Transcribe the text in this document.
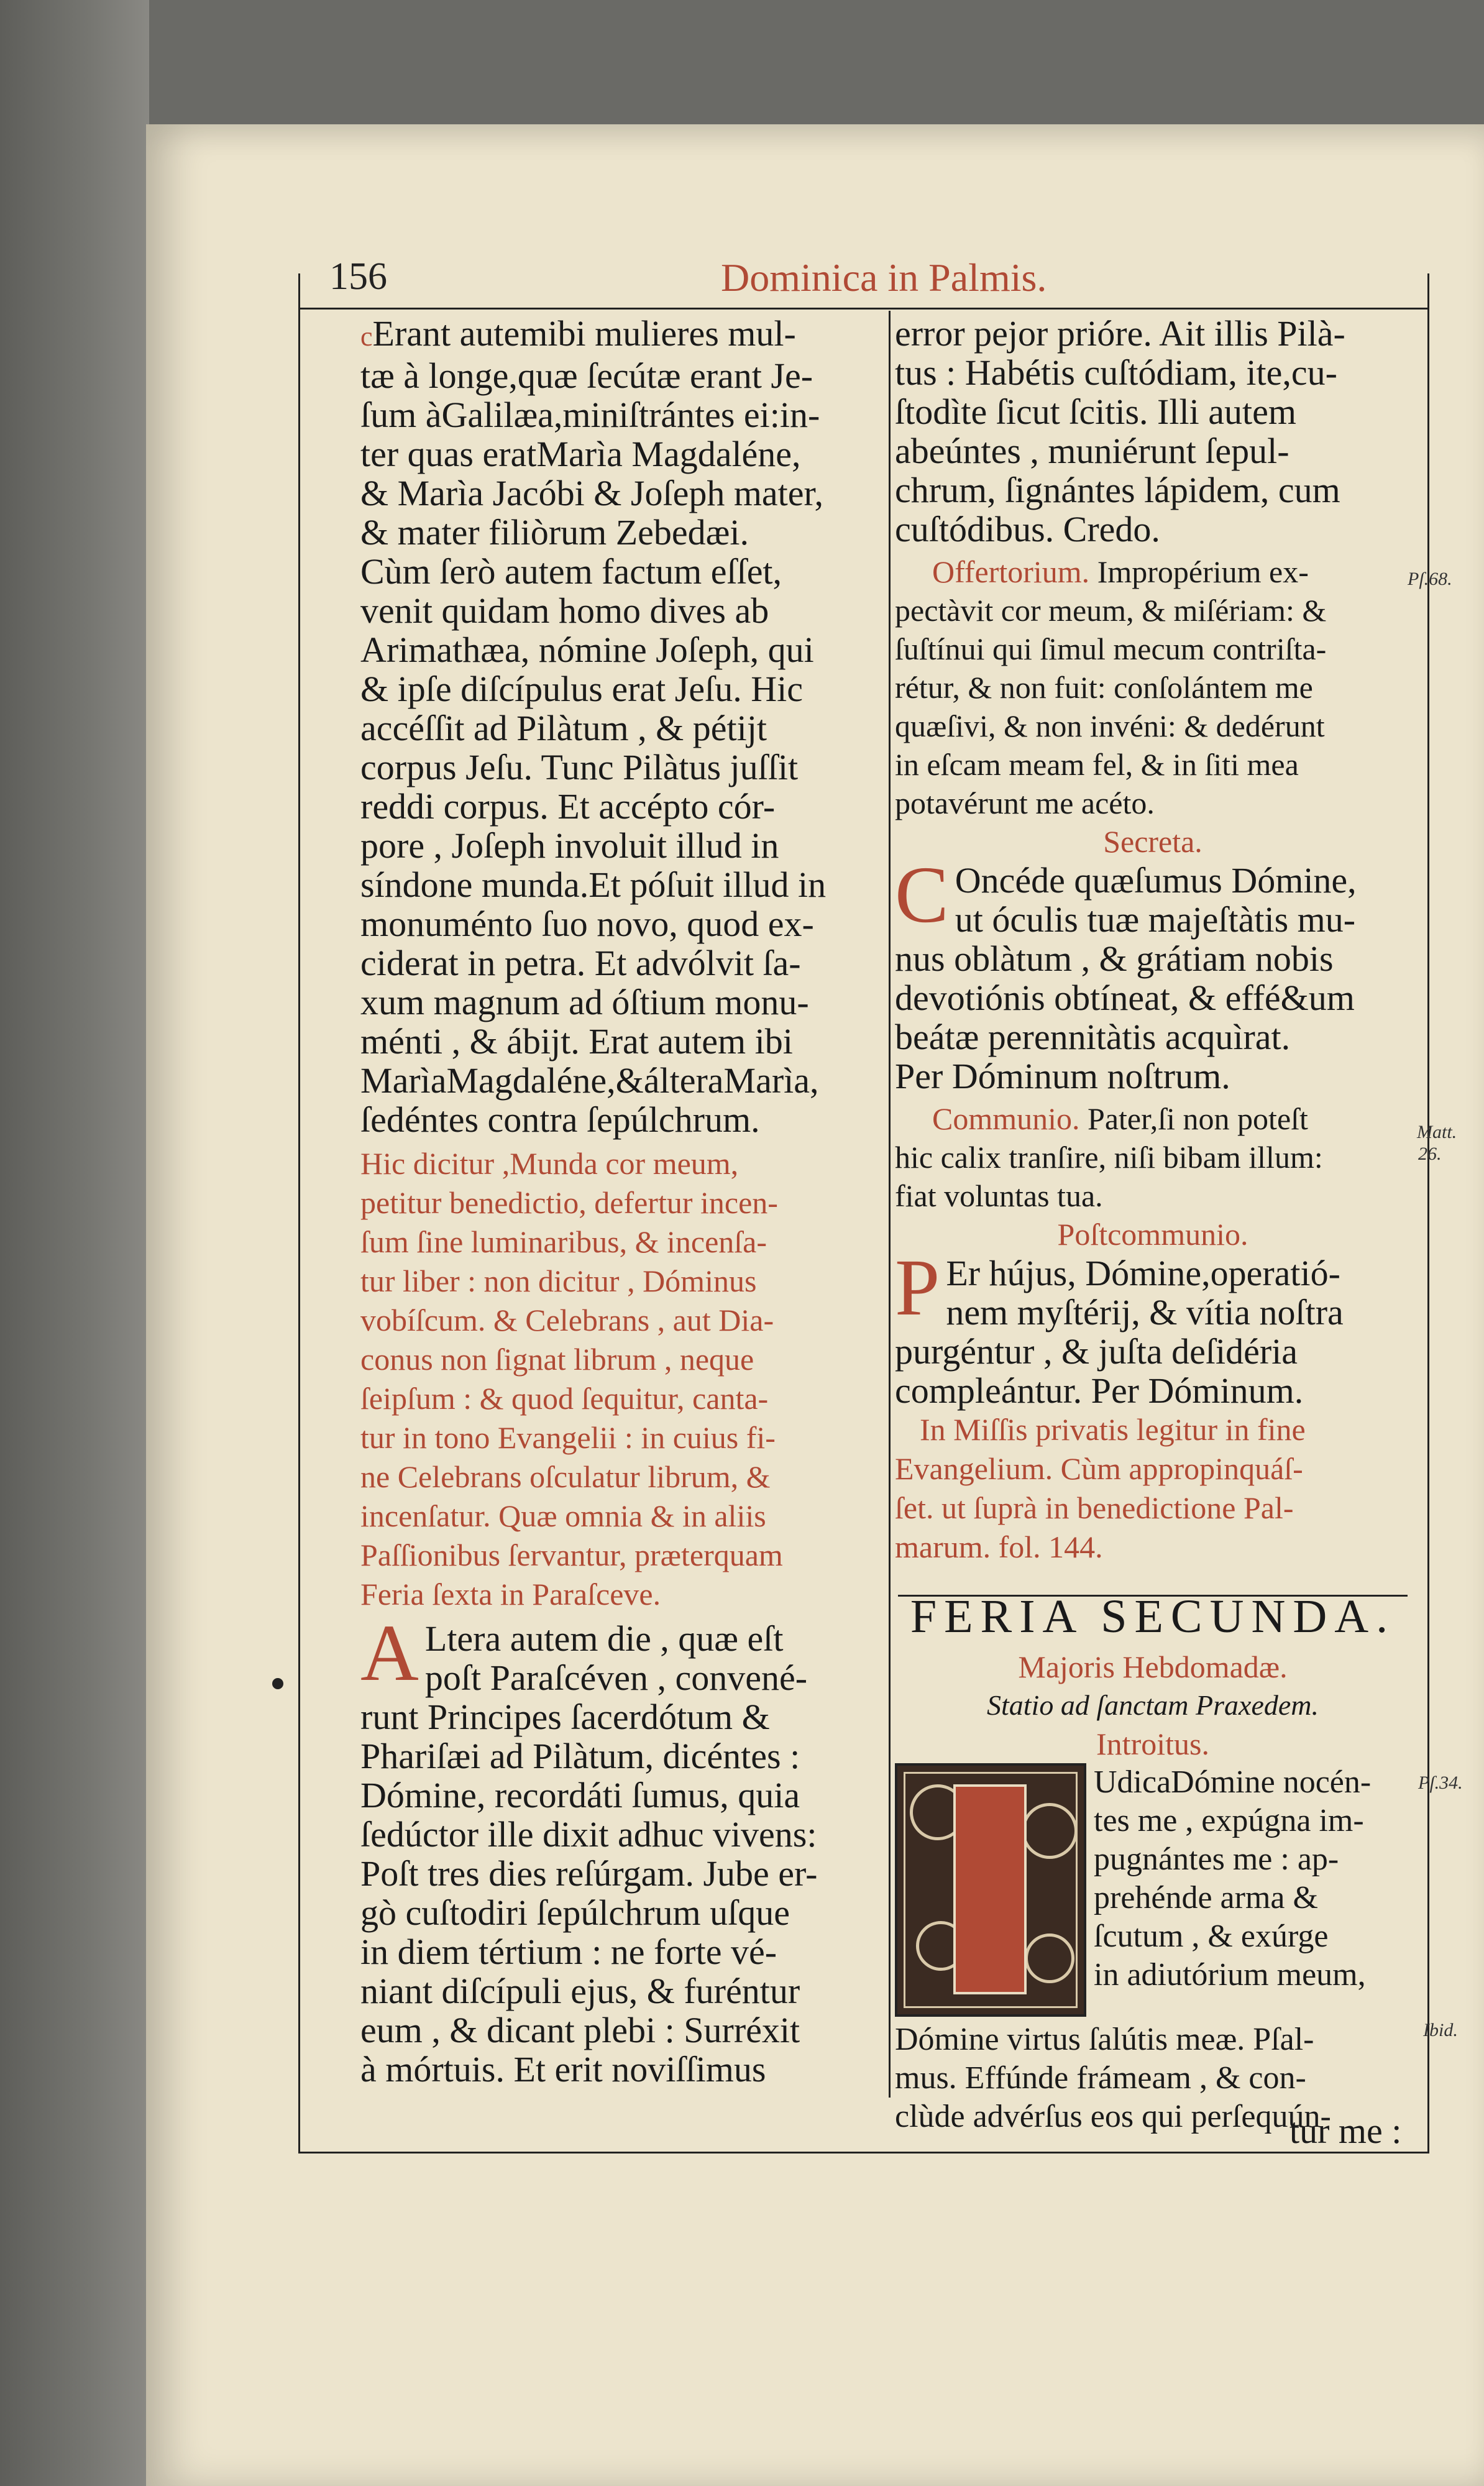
156	Dominica in Palmis.

cErant autemibi mulieres mul-

tæ à longe,quæ ſecútæ erant Je-

ſum àGalilæa,miniſtrántes ei:in-

ter quas eratMarìa Magdaléne,

& Marìa Jacóbi & Joſeph mater,

& mater filiòrum Zebedæi.

Cùm ſerò autem factum eſſet,

venit quidam homo dives ab

Arimathæa, nómine Joſeph, qui

& ipſe diſcípulus erat Jeſu. Hic

accéſſit ad Pilàtum , & pétijt

corpus Jeſu. Tunc Pilàtus juſſit

reddi corpus. Et accépto cór-

pore , Joſeph involuit illud in

síndone munda.Et póſuit illud in

monuménto ſuo novo, quod ex-

ciderat in petra. Et advólvit ſa-

xum magnum ad óſtium monu-

ménti , & ábijt. Erat autem ibi

MarìaMagdaléne,&álteraMarìa,

ſedéntes contra ſepúlchrum.

Hic dicitur ,Munda cor meum,

petitur benedictio, defertur incen-

ſum ſine luminaribus, & incenſa-

tur liber : non dicitur , Dóminus

vobíſcum. & Celebrans , aut Dia-

conus non ſignat librum , neque

ſeipſum : & quod ſequitur, canta-

tur in tono Evangelii : in cuius fi-

ne Celebrans oſculatur librum, &

incenſatur. Quæ omnia & in aliis

Paſſionibus ſervantur, præterquam

Feria ſexta in Paraſceve.

A Ltera autem die , quæ eſt

poſt Paraſcéven , convené-

runt Principes ſacerdótum &

Phariſæi ad Pilàtum, dicéntes :

Dómine, recordáti ſumus, quia

ſedúctor ille dixit adhuc vivens:

Poſt tres dies reſúrgam. Jube er-

gò cuſtodiri ſepúlchrum uſque

in diem tértium : ne forte vé-

niant diſcípuli ejus, & furéntur

eum , & dicant plebi : Surréxit

à mórtuis. Et erit noviſſimus

error pejor prióre. Ait illis Pilà-

tus : Habétis cuſtódiam, ite,cu-

ſtodìte ſicut ſcitis. Illi autem

abeúntes , muniérunt ſepul-

chrum, ſignántes lápidem, cum

cuſtódibus. Credo.

Offertorium. Impropérium ex-

pectàvit cor meum, & miſériam: &

ſuſtínui qui ſimul mecum contriſta-

rétur, & non fuit: conſolántem me

quæſivi, & non invéni: & dedérunt

in eſcam meam fel, & in ſiti mea

potavérunt me acéto.

Secreta.

C Oncéde quæſumus Dómine,

ut óculis tuæ majeſtàtis mu-

nus oblàtum , & grátiam nobis

devotiónis obtíneat, & effé&um

beátæ perennitàtis acquìrat.

Per Dóminum noſtrum.

Communio. Pater,ſi non poteſt

hic calix tranſire, niſi bibam illum:

fiat voluntas tua.

Poſtcommunio.

P Er hújus, Dómine,operatió-

nem myſtérij, & vítia noſtra

purgéntur , & juſta deſidéria

compleántur. Per Dóminum.

In Miſſis privatis legitur in fine

Evangelium. Cùm appropinquáſ-

ſet. ut ſuprà in benedictione Pal-

marum. fol. 144.

FERIA SECUNDA.

Majoris Hebdomadæ.

Statio ad ſanctam Praxedem.

Introitus.

UdicaDómine nocén-

tes me , expúgna im-

pugnántes me : ap-

prehénde arma &

ſcutum , & exúrge

in adiutórium meum,

Dómine virtus ſalútis meæ. Pſal-

mus. Effúnde frámeam , & con-

clùde advérſus eos qui perſequún-

tur me :
Pſ.68.
Matt.
26.
Pſ.34.
Ibid.
